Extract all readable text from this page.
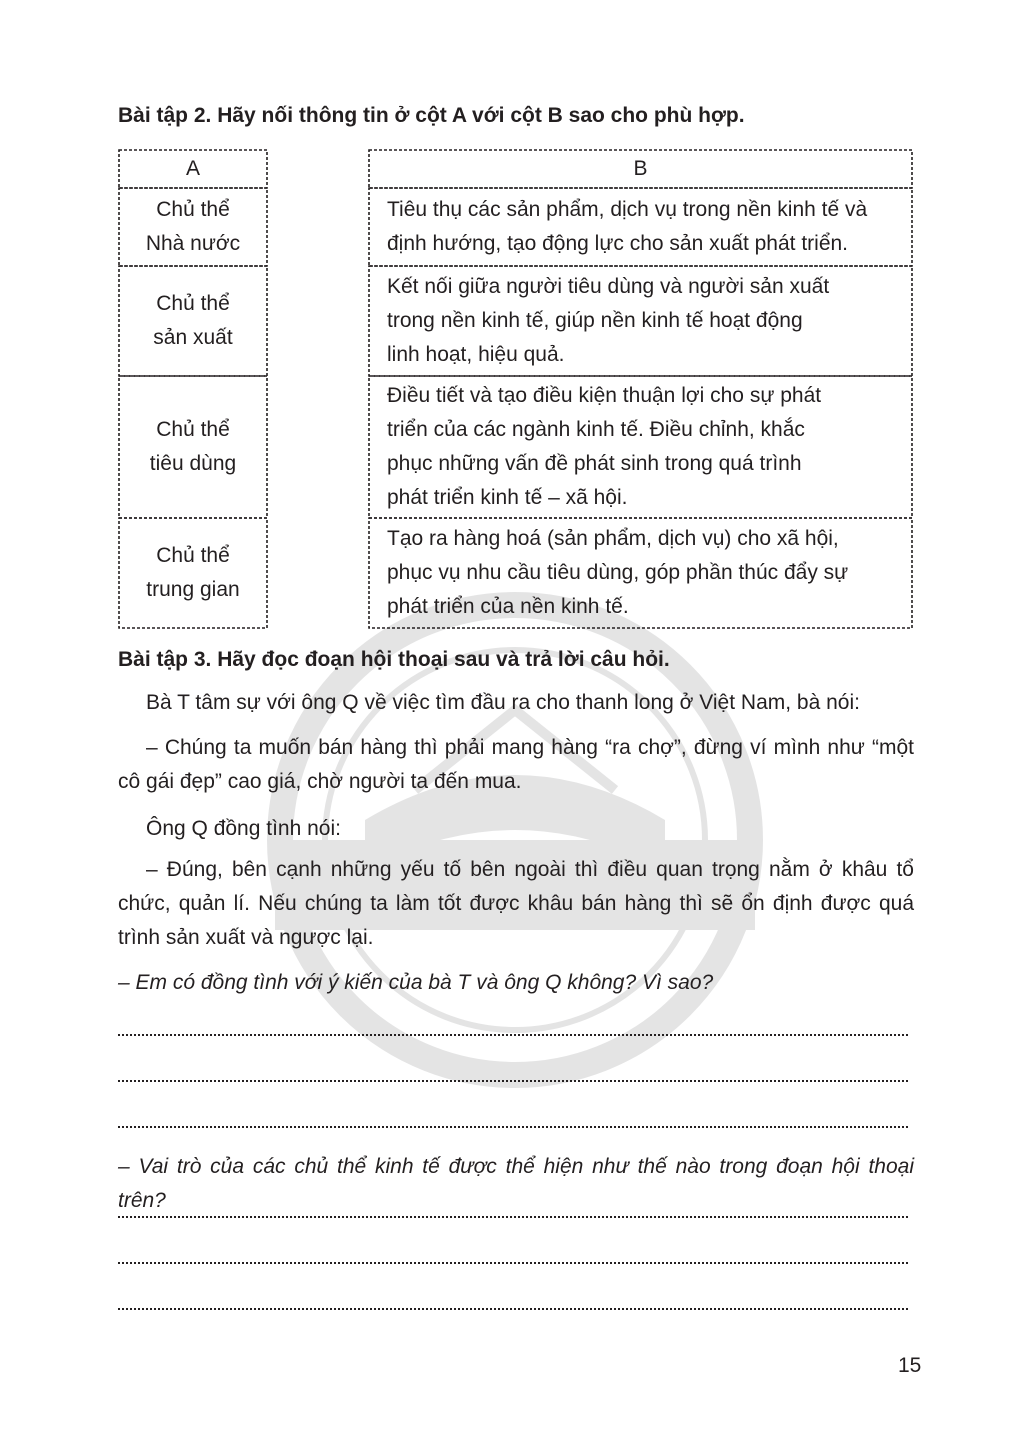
Bài tập 2. Hãy nối thông tin ở cột A với cột B sao cho phù hợp.
A	B
Chủ thể
Nhà nước
Chủ thể
sản xuất
Chủ thể
tiêu dùng
Chủ thể
trung gian
Tiêu thụ các sản phẩm, dịch vụ trong nền kinh tế và
định hướng, tạo động lực cho sản xuất phát triển.
Kết nối giữa người tiêu dùng và người sản xuất
trong nền kinh tế, giúp nền kinh tế hoạt động
linh hoạt, hiệu quả.
Điều tiết và tạo điều kiện thuận lợi cho sự phát
triển của các ngành kinh tế. Điều chỉnh, khắc
phục những vấn đề phát sinh trong quá trình
phát triển kinh tế – xã hội.
Tạo ra hàng hoá (sản phẩm, dịch vụ) cho xã hội,
phục vụ nhu cầu tiêu dùng, góp phần thúc đẩy sự
phát triển của nền kinh tế.
Bài tập 3. Hãy đọc đoạn hội thoại sau và trả lời câu hỏi.
Bà T tâm sự với ông Q về việc tìm đầu ra cho thanh long ở Việt Nam, bà nói:
– Chúng ta muốn bán hàng thì phải mang hàng “ra chợ”, đừng ví mình như “một cô gái đẹp” cao giá, chờ người ta đến mua.
Ông Q đồng tình nói:
– Đúng, bên cạnh những yếu tố bên ngoài thì điều quan trọng nằm ở khâu tổ chức, quản lí. Nếu chúng ta làm tốt được khâu bán hàng thì sẽ ổn định được quá trình sản xuất và ngược lại.
– Em có đồng tình với ý kiến của bà T và ông Q không? Vì sao?
– Vai trò của các chủ thể kinh tế được thể hiện như thế nào trong đoạn hội thoại trên?
15
